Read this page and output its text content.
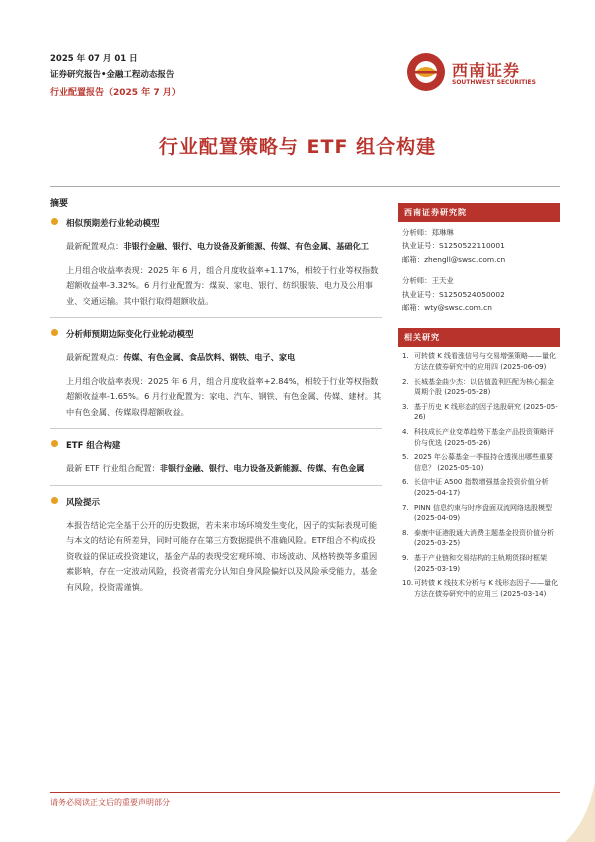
2025 年 07 月 01 日
证券研究报告•金融工程动态报告
行业配置报告（2025 年 7 月）
西南证券
SOUTHWEST SECURITIES
行业配置策略与 ETF 组合构建
摘要
相似预期差行业轮动模型
最新配置观点：非银行金融、银行、电力设备及新能源、传媒、有色金属、基础化工
上月组合收益率表现：2025 年 6 月，组合月度收益率+1.17%，相较于行业等权指数超额收益率-3.32%。6 月行业配置为：煤炭、家电、银行、纺织服装、电力及公用事业、交通运输。其中银行取得超额收益。
分析师预期边际变化行业轮动模型
最新配置观点：传媒、有色金属、食品饮料、钢铁、电子、家电
上月组合收益率表现：2025 年 6 月，组合月度收益率+2.84%，相较于行业等权指数超额收益率-1.65%。6 月行业配置为：家电、汽车、钢铁、有色金属、传媒、建材。其中有色金属、传媒取得超额收益。
ETF 组合构建
最新 ETF 行业组合配置：非银行金融、银行、电力设备及新能源、传媒、有色金属
风险提示
本报告结论完全基于公开的历史数据，若未来市场环境发生变化，因子的实际表现可能与本文的结论有所差异，同时可能存在第三方数据提供不准确风险。ETF组合不构成投资收益的保证或投资建议，基金产品的表现受宏观环境、市场波动、风格转换等多重因素影响，存在一定波动风险，投资者需充分认知自身风险偏好以及风险承受能力，基金有风险，投资需谨慎。
西南证券研究院
分析师：郑琳琳
执业证号：S1250522110001
邮箱：zhengll@swsc.com.cn
分析师：王天业
执业证号：S1250524050002
邮箱：wty@swsc.com.cn
相关研究
1. 可转债 K 线看涨信号与交易增强策略——量化方法在债券研究中的应用四 (2025-06-09)
2. 长城基金曲少杰：以估值盈利匹配为核心掘金周期个股 (2025-05-28)
3. 基于历史 K 线形态的因子选股研究 (2025-05-26)
4. 科技成长产业变革趋势下基金产品投资策略评价与优选 (2025-05-26)
5. 2025 年公募基金一季报持仓透视出哪些重要信息？ (2025-05-10)
6. 长信中证 A500 指数增强基金投资价值分析 (2025-04-17)
7. PINN 信息约束与时序盘面双流网络选股模型 (2025-04-09)
8. 泰康中证港股通大消费主题基金投资价值分析 (2025-03-25)
9. 基于产业链和交易结构的主轨期货择时框架 (2025-03-19)
10. 可转债 K 线技术分析与 K 线形态因子——量化方法在债券研究中的应用三 (2025-03-14)
请务必阅读正文后的重要声明部分
